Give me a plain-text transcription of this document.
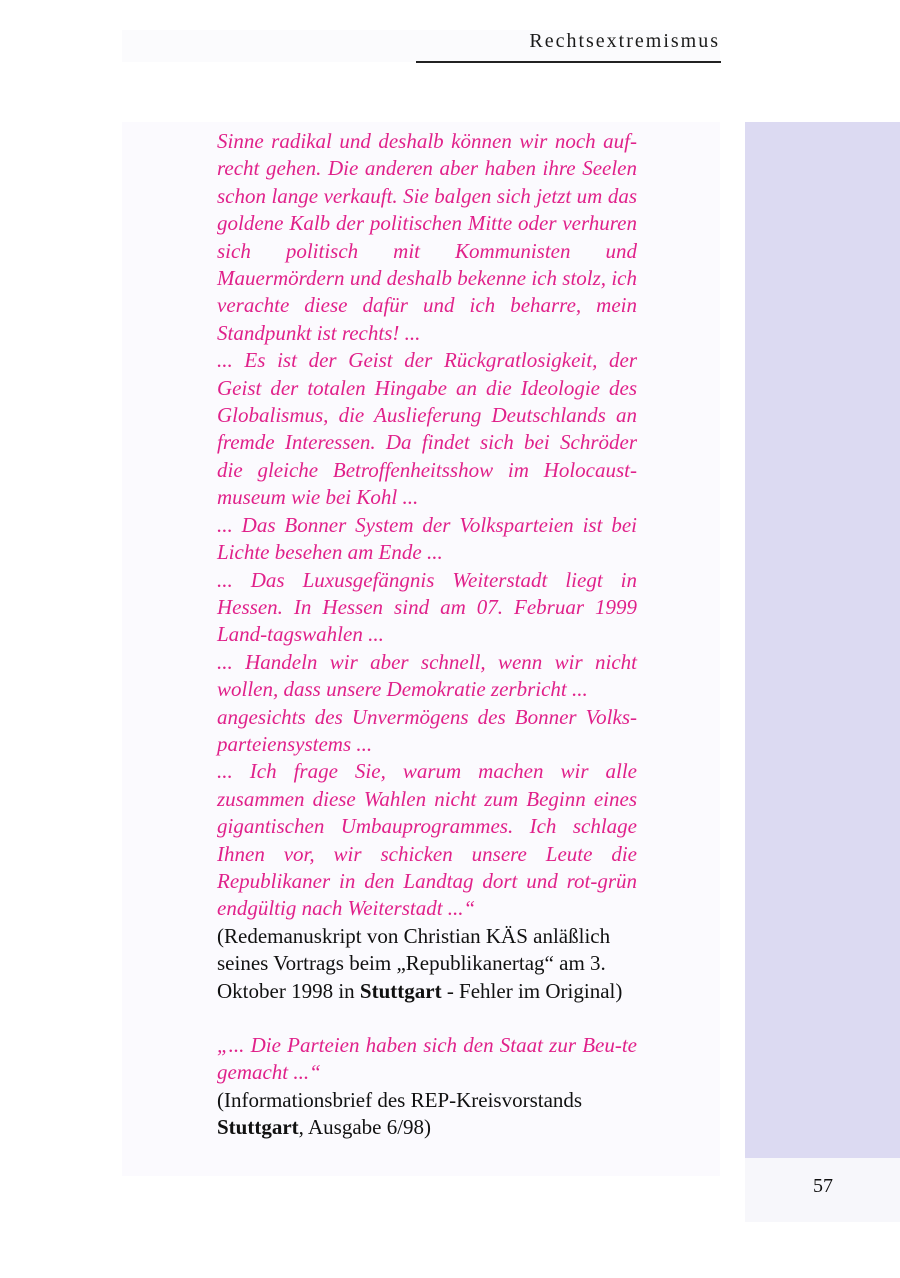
Rechtsextremismus
57

Sinne radikal und deshalb können wir noch auf-recht gehen. Die anderen aber haben ihre Seelen schon lange verkauft. Sie balgen sich jetzt um das goldene Kalb der politischen Mitte oder verhuren sich politisch mit Kommunisten und Mauermördern und deshalb bekenne ich stolz, ich verachte diese dafür und ich beharre, mein Standpunkt ist rechts! ...

... Es ist der Geist der Rückgratlosigkeit, der Geist der totalen Hingabe an die Ideologie des Globalismus, die Auslieferung Deutschlands an fremde Interessen. Da findet sich bei Schröder die gleiche Betroffenheitsshow im Holocaust-museum wie bei Kohl ...

... Das Bonner System der Volksparteien ist bei Lichte besehen am Ende ...

... Das Luxusgefängnis Weiterstadt liegt in Hessen. In Hessen sind am 07. Februar 1999 Land-tagswahlen ...

... Handeln wir aber schnell, wenn wir nicht wollen, dass unsere Demokratie zerbricht ...

angesichts des Unvermögens des Bonner Volks-parteiensystems ...

... Ich frage Sie, warum machen wir alle zusammen diese Wahlen nicht zum Beginn eines gigantischen Umbauprogrammes. Ich schlage Ihnen vor, wir schicken unsere Leute die Republikaner in den Landtag dort und rot-grün endgültig nach Weiterstadt ...“

(Redemanuskript von Christian KÄS anläßlich seines Vortrags beim „Republikanertag“ am 3. Oktober 1998 in Stuttgart - Fehler im Original)

„... Die Parteien haben sich den Staat zur Beu-te gemacht ...“

(Informationsbrief des REP-Kreisvorstands Stuttgart, Ausgabe 6/98)
